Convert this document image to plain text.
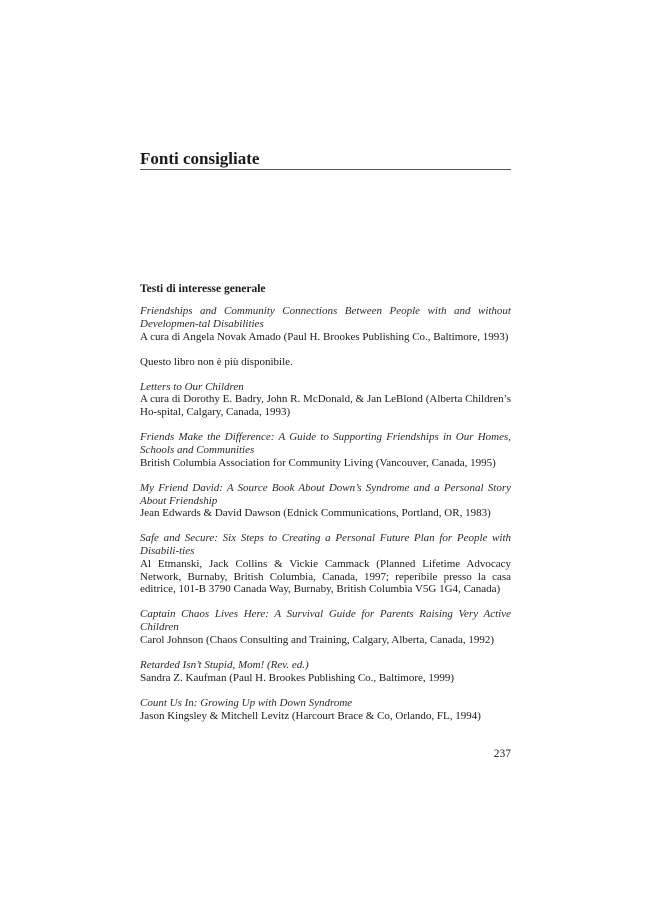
Fonti consigliate
Testi di interesse generale
Friendships and Community Connections Between People with and without Developmen-tal Disabilities
A cura di Angela Novak Amado (Paul H. Brookes Publishing Co., Baltimore, 1993)
Questo libro non è più disponibile.
Letters to Our Children
A cura di Dorothy E. Badry, John R. McDonald, & Jan LeBlond (Alberta Children’s Ho-spital, Calgary, Canada, 1993)
Friends Make the Difference: A Guide to Supporting Friendships in Our Homes, Schools and Communities
British Columbia Association for Community Living (Vancouver, Canada, 1995)
My Friend David: A Source Book About Down’s Syndrome and a Personal Story About Friendship
Jean Edwards & David Dawson (Ednick Communications, Portland, OR, 1983)
Safe and Secure: Six Steps to Creating a Personal Future Plan for People with Disabili-ties
Al Etmanski, Jack Collins & Vickie Cammack (Planned Lifetime Advocacy Network, Burnaby, British Columbia, Canada, 1997; reperibile presso la casa editrice, 101-B 3790 Canada Way, Burnaby, British Columbia V5G 1G4, Canada)
Captain Chaos Lives Here: A Survival Guide for Parents Raising Very Active Children
Carol Johnson (Chaos Consulting and Training, Calgary, Alberta, Canada, 1992)
Retarded Isn’t Stupid, Mom! (Rev. ed.)
Sandra Z. Kaufman (Paul H. Brookes Publishing Co., Baltimore, 1999)
Count Us In: Growing Up with Down Syndrome
Jason Kingsley & Mitchell Levitz (Harcourt Brace & Co, Orlando, FL, 1994)
237
